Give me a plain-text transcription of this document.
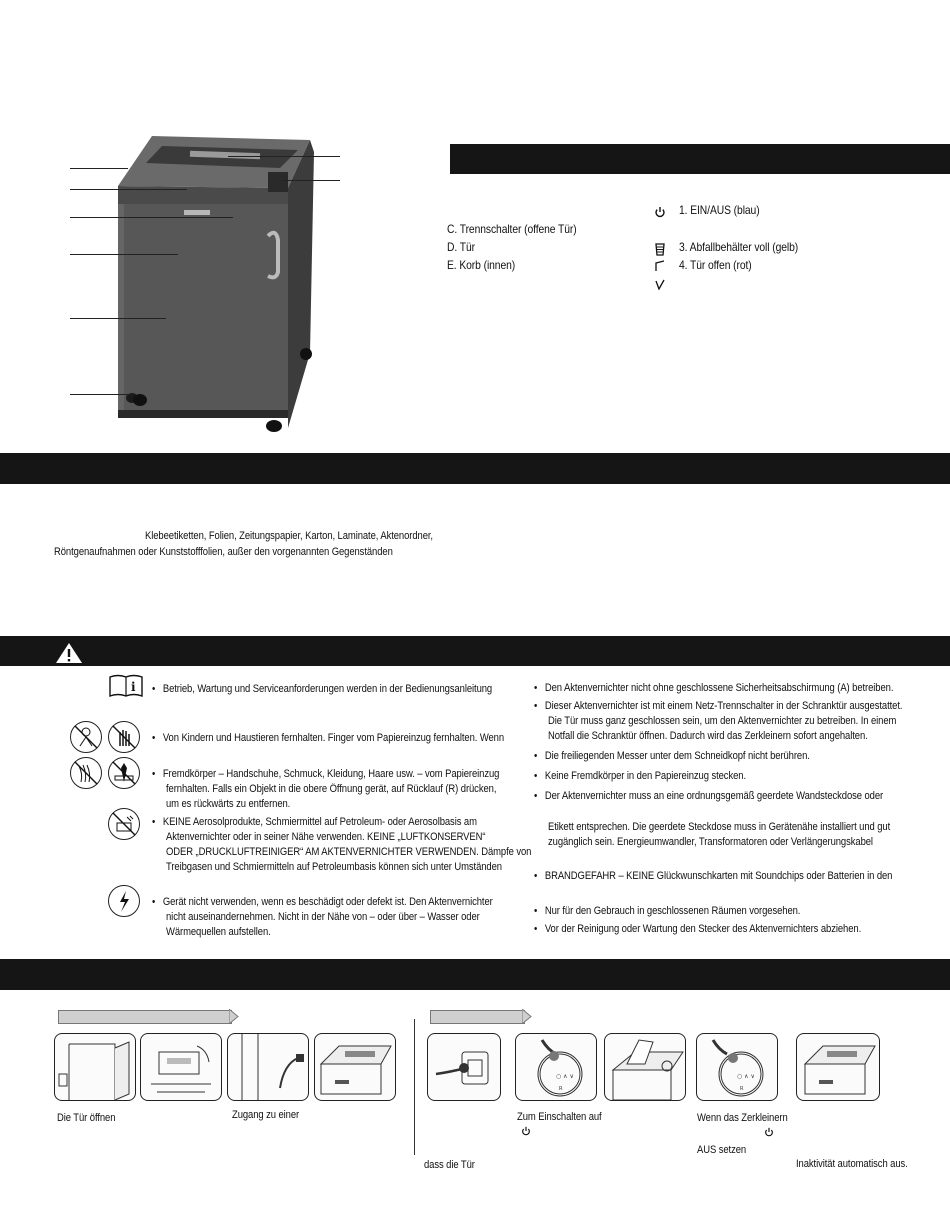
C. Trennschalter (offene Tür)
D. Tür
E. Korb (innen)
1. EIN/AUS (blau)
3. Abfallbehälter voll (gelb)
4. Tür offen (rot)
Klebeetiketten, Folien, Zeitungspapier, Karton, Laminate, Aktenordner,
Röntgenaufnahmen oder Kunststofffolien, außer den vorgenannten Gegenständen
i •   Betrieb, Wartung und Serviceanforderungen werden in der Bedienungsanleitung
•   Von Kindern und Haustieren fernhalten. Finger vom Papiereinzug fernhalten. Wenn
•   Fremdkörper – Handschuhe, Schmuck, Kleidung, Haare usw. – vom Papiereinzug
fernhalten. Falls ein Objekt in die obere Öffnung gerät, auf Rücklauf (R) drücken,
um es rückwärts zu entfernen.
•   KEINE Aerosolprodukte, Schmiermittel auf Petroleum- oder Aerosolbasis am
Aktenvernichter oder in seiner Nähe verwenden. KEINE „LUFTKONSERVEN“
ODER „DRUCKLUFTREINIGER“ AM AKTENVERNICHTER VERWENDEN. Dämpfe von
Treibgasen und Schmiermitteln auf Petroleumbasis können sich unter Umständen
•   Gerät nicht verwenden, wenn es beschädigt oder defekt ist. Den Aktenvernichter
nicht auseinandernehmen. Nicht in der Nähe von – oder über – Wasser oder
Wärmequellen aufstellen.
•   Den Aktenvernichter nicht ohne geschlossene Sicherheitsabschirmung (A) betreiben.
•   Dieser Aktenvernichter ist mit einem Netz-Trennschalter in der Schranktür ausgestattet.
Die Tür muss ganz geschlossen sein, um den Aktenvernichter zu betreiben. In einem
Notfall die Schranktür öffnen. Dadurch wird das Zerkleinern sofort angehalten.
•   Die freiliegenden Messer unter dem Schneidkopf nicht berühren.
•   Keine Fremdkörper in den Papiereinzug stecken.
•   Der Aktenvernichter muss an eine ordnungsgemäß geerdete Wandsteckdose oder
Etikett entsprechen. Die geerdete Steckdose muss in Gerätenähe installiert und gut
zugänglich sein. Energieumwandler, Transformatoren oder Verlängerungskabel
•   BRANDGEFAHR – KEINE Glückwunschkarten mit Soundchips oder Batterien in den
•   Nur für den Gebrauch in geschlossenen Räumen vorgesehen.
•   Vor der Reinigung oder Wartung den Stecker des Aktenvernichters abziehen.
○ ∧ ∨
R
○ ∧ ∨
R
Die Tür öffnen	Zugang zu einer	Zum Einschalten auf	Wenn das Zerkleinern
AUS setzen
dass die Tür	Inaktivität automatisch aus.
